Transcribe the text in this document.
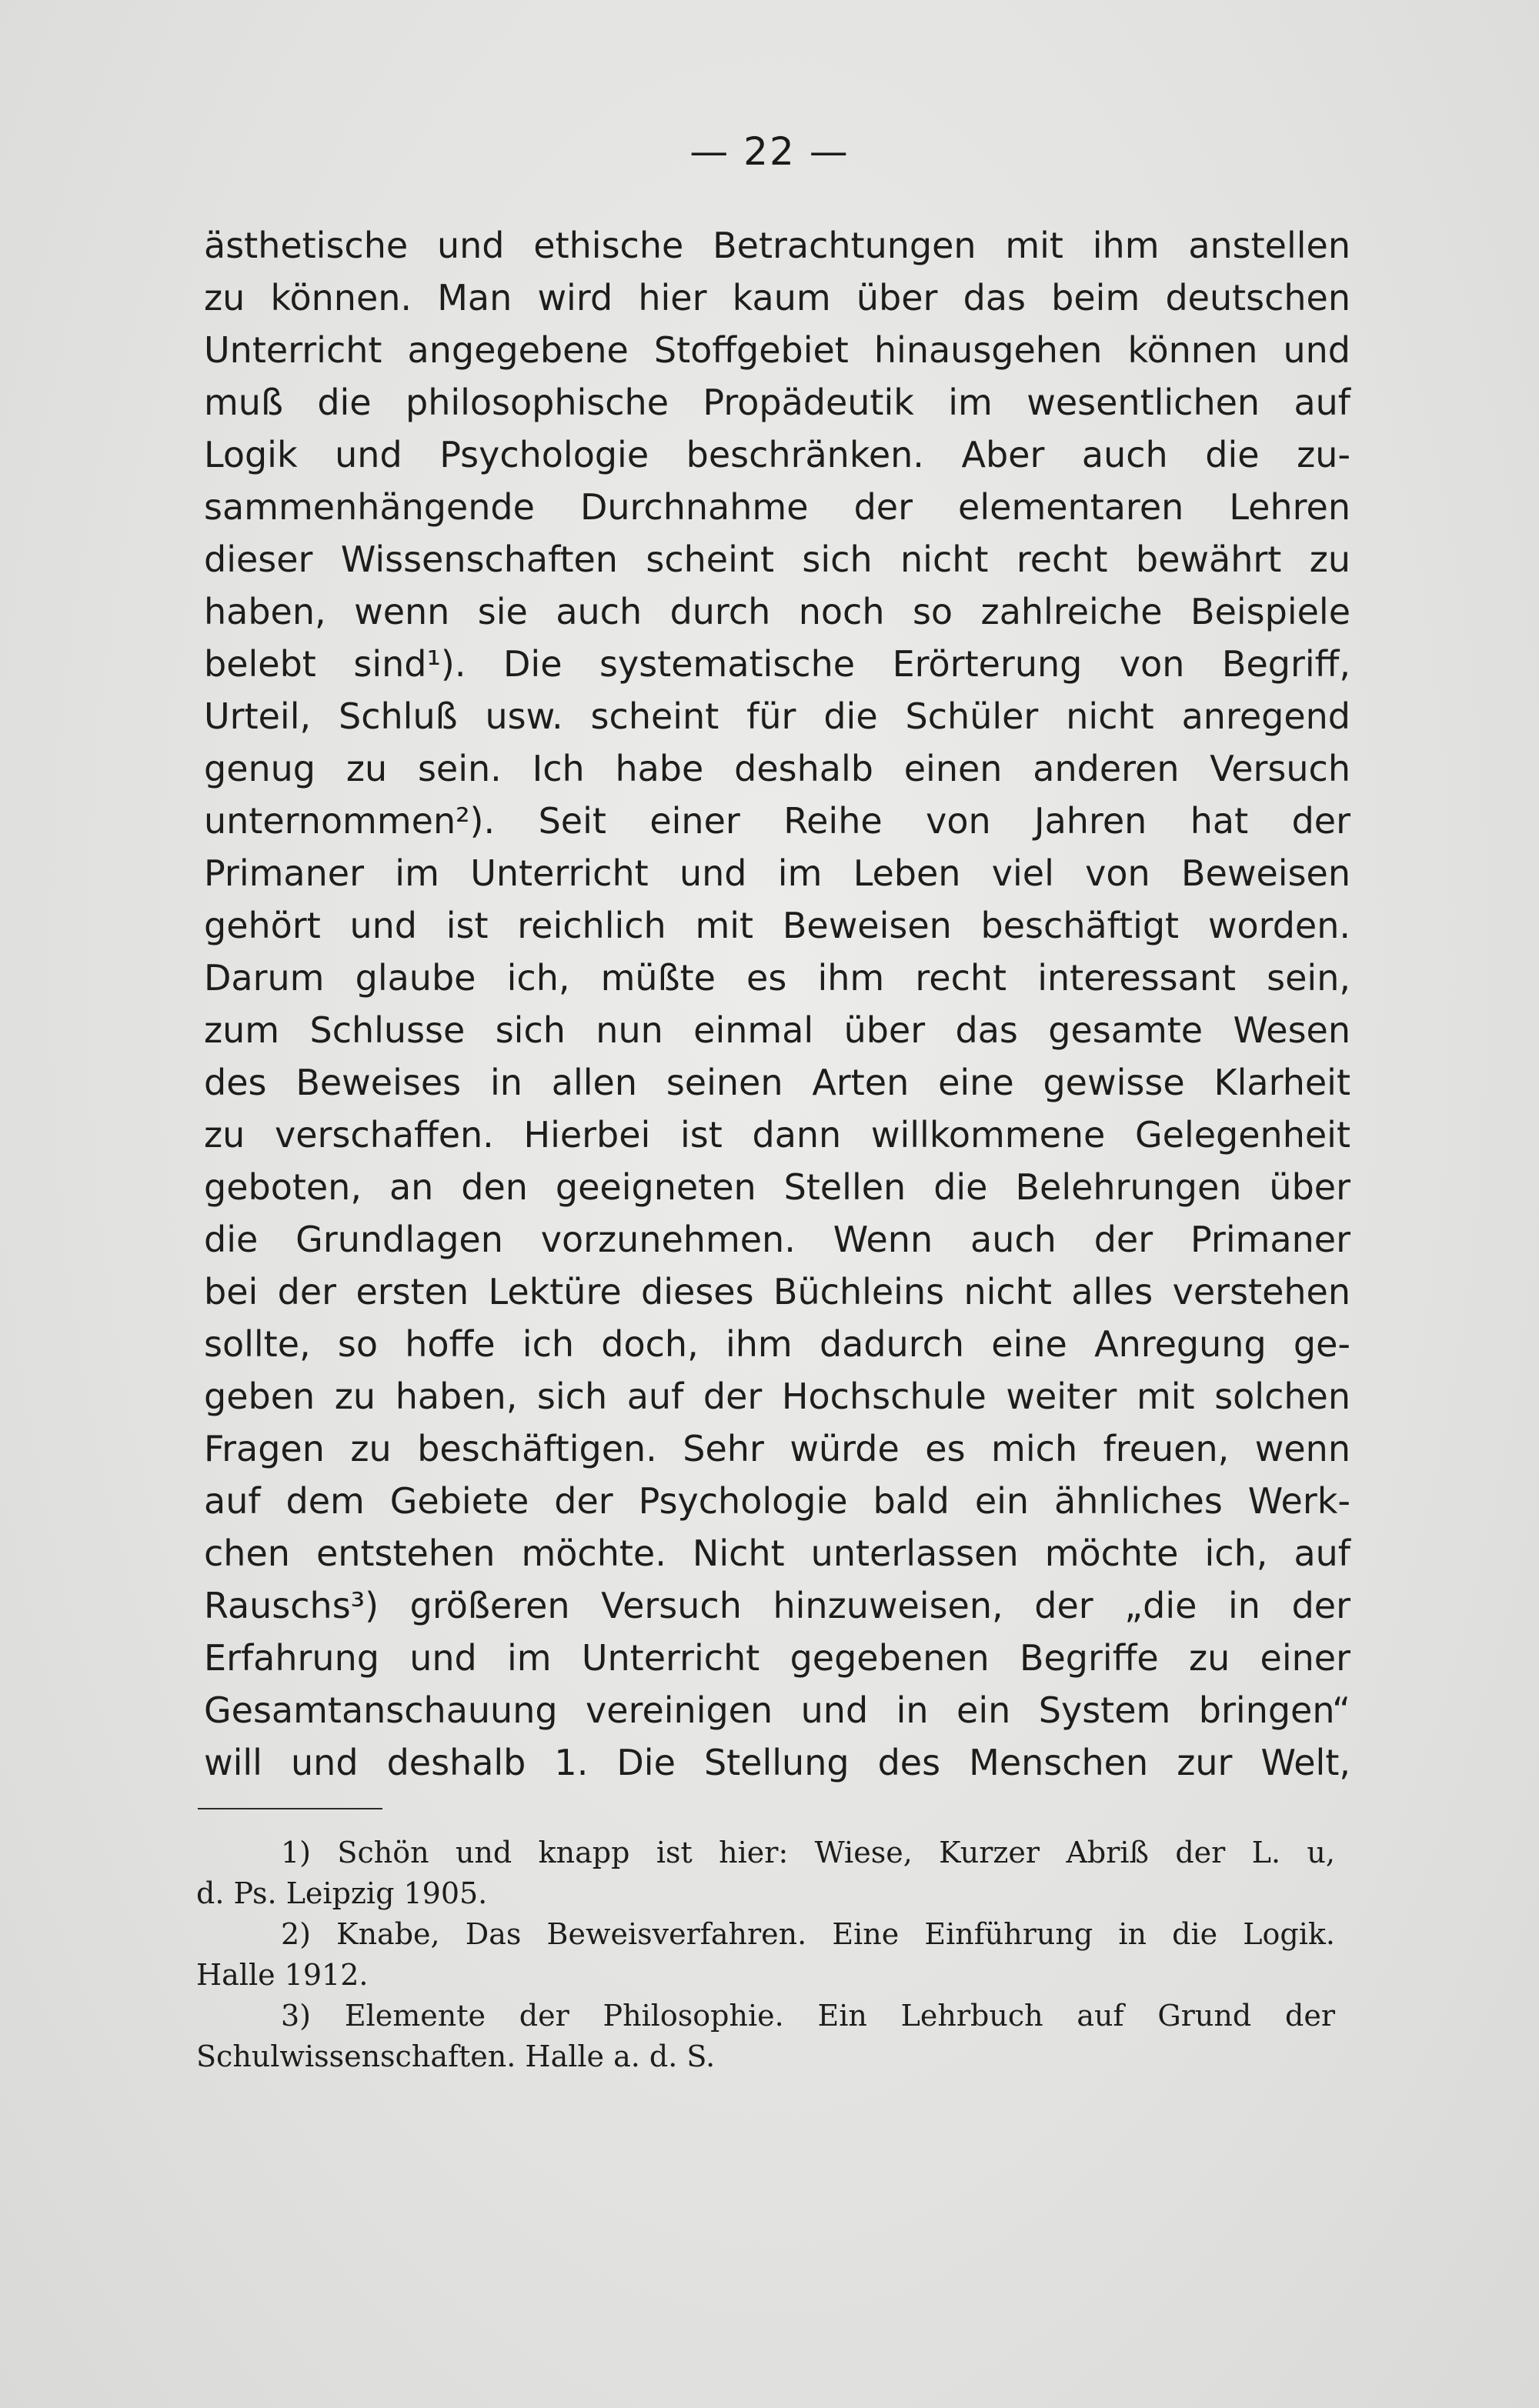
— 22 —
ästhetische und ethische Betrachtungen mit ihm anstellen
zu können. Man wird hier kaum über das beim deutschen
Unterricht angegebene Stoffgebiet hinausgehen können und
muß die philosophische Propädeutik im wesentlichen auf
Logik und Psychologie beschränken. Aber auch die zu-
sammenhängende Durchnahme der elementaren Lehren
dieser Wissenschaften scheint sich nicht recht bewährt zu
haben, wenn sie auch durch noch so zahlreiche Beispiele
belebt sind¹). Die systematische Erörterung von Begriff,
Urteil, Schluß usw. scheint für die Schüler nicht anregend
genug zu sein. Ich habe deshalb einen anderen Versuch
unternommen²). Seit einer Reihe von Jahren hat der
Primaner im Unterricht und im Leben viel von Beweisen
gehört und ist reichlich mit Beweisen beschäftigt worden.
Darum glaube ich, müßte es ihm recht interessant sein,
zum Schlusse sich nun einmal über das gesamte Wesen
des Beweises in allen seinen Arten eine gewisse Klarheit
zu verschaffen. Hierbei ist dann willkommene Gelegenheit
geboten, an den geeigneten Stellen die Belehrungen über
die Grundlagen vorzunehmen. Wenn auch der Primaner
bei der ersten Lektüre dieses Büchleins nicht alles verstehen
sollte, so hoffe ich doch, ihm dadurch eine Anregung ge-
geben zu haben, sich auf der Hochschule weiter mit solchen
Fragen zu beschäftigen. Sehr würde es mich freuen, wenn
auf dem Gebiete der Psychologie bald ein ähnliches Werk-
chen entstehen möchte. Nicht unterlassen möchte ich, auf
Rauschs³) größeren Versuch hinzuweisen, der „die in der
Erfahrung und im Unterricht gegebenen Begriffe zu einer
Gesamtanschauung vereinigen und in ein System bringen“
will und deshalb 1. Die Stellung des Menschen zur Welt,
1) Schön und knapp ist hier: Wiese, Kurzer Abriß der L. u,
d. Ps. Leipzig 1905.
2) Knabe, Das Beweisverfahren. Eine Einführung in die Logik.
Halle 1912.
3) Elemente der Philosophie. Ein Lehrbuch auf Grund der
Schulwissenschaften. Halle a. d. S.
